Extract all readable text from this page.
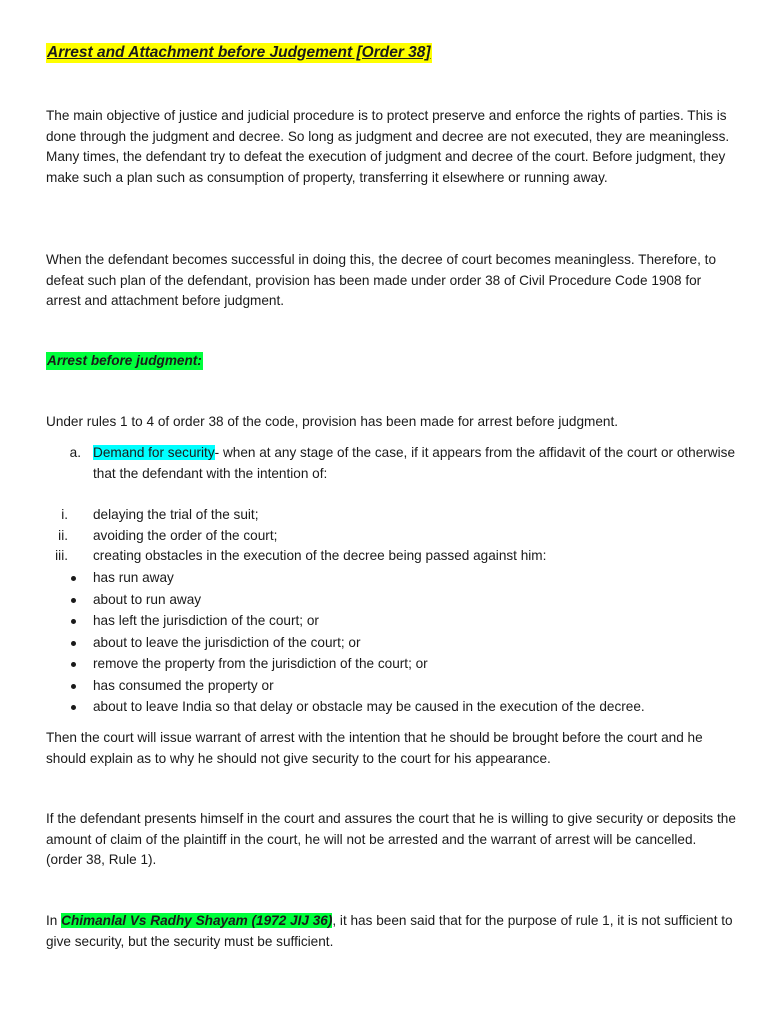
Arrest and Attachment before Judgement [Order 38]

The main objective of justice and judicial procedure is to protect preserve and enforce the rights of parties. This is done through the judgment and decree. So long as judgment and decree are not executed, they are meaningless. Many times, the defendant try to defeat the execution of judgment and decree of the court. Before judgment, they make such a plan such as consumption of property, transferring it elsewhere or running away.

When the defendant becomes successful in doing this, the decree of court becomes meaningless. Therefore, to defeat such plan of the defendant, provision has been made under order 38 of Civil Procedure Code 1908 for arrest and attachment before judgment.

Arrest before judgment:

Under rules 1 to 4 of order 38 of the code, provision has been made for arrest before judgment.

a. Demand for security- when at any stage of the case, if it appears from the affidavit of the court or otherwise that the defendant with the intention of:
i. delaying the trial of the suit;
ii. avoiding the order of the court;
iii. creating obstacles in the execution of the decree being passed against him:
has run away
about to run away
has left the jurisdiction of the court; or
about to leave the jurisdiction of the court; or
remove the property from the jurisdiction of the court; or
has consumed the property or
about to leave India so that delay or obstacle may be caused in the execution of the decree.

Then the court will issue warrant of arrest with the intention that he should be brought before the court and he should explain as to why he should not give security to the court for his appearance.

If the defendant presents himself in the court and assures the court that he is willing to give security or deposits the amount of claim of the plaintiff in the court, he will not be arrested and the warrant of arrest will be cancelled. (order 38, Rule 1).

In Chimanlal Vs Radhy Shayam (1972 JIJ 36), it has been said that for the purpose of rule 1, it is not sufficient to give security, but the security must be sufficient.
